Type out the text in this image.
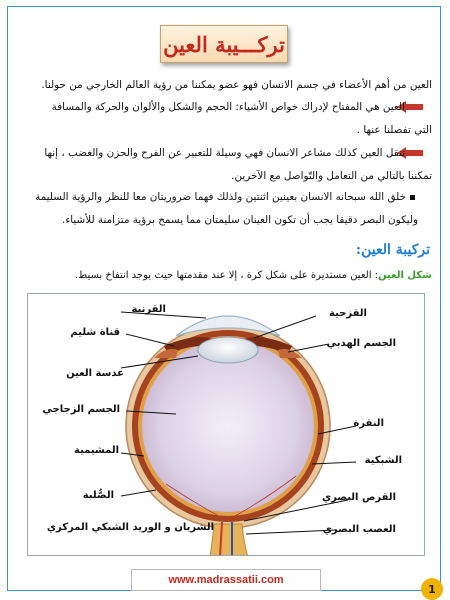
تركـــيبة العين
العين من أهم الأعضاء في جسم الانسان فهو عضو يمكننا من رؤية العالم الخارجي من حولنا.
العين هي المفتاح لإدراك خواص الأشياء: الحجم والشكل والألوان والحركة والمسافة
التي تفصلنا عنها .
تنقل العين كذلك مشاعر الانسان فهي وسيلة للتعبير عن الفرح والحزن والغضب ، إنها
تمكننا بالتالي من التعامل والتّواصل مع الآخرين.
خلق الله سبحانه الانسان بعينين اثنتين ولذلك فهما ضروريتان معا للنظر والرؤية السليمة
وليكون البصر دقيقا يجب أن تكون العينان سليمتان مما يسمح برؤية متزامنة للأشياء.
تركيبة العين:
شكل العين: العين مستديرة على شكل كرة ، إلا عند مقدمتها حيث يوجد انتفاخ بسيط.
القرنية
قناة شليم
عدسة العين
الجسم الزجاجي
المشيمية
الصُّلبة
الشريان و الوريد الشبكي المركزي
القزحية
الجسم الهدبي
النقرة
الشبكية
القرص البصري
العصب البصري
www.madrassatii.com
1
